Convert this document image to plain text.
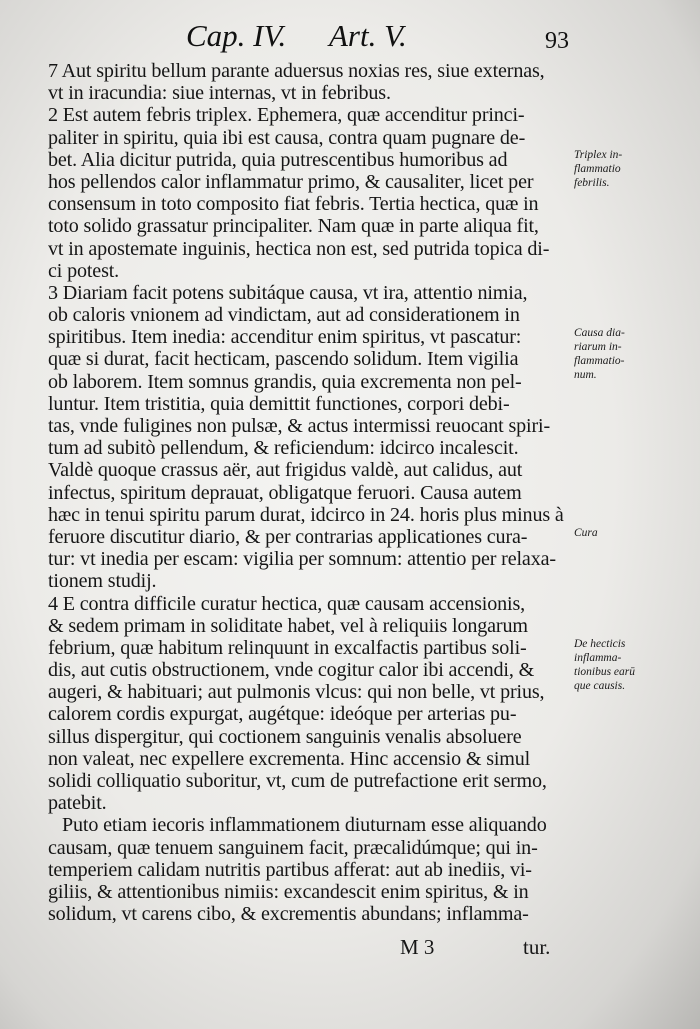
Cap. IV. Art. V.	93
7 Aut spiritu bellum parante aduersus noxias res, siue externas,
vt in iracundia: siue internas, vt in febribus.
2 Est autem febris triplex. Ephemera, quæ accenditur princi-
paliter in spiritu, quia ibi est causa, contra quam pugnare de-
bet. Alia dicitur putrida, quia putrescentibus humoribus ad
hos pellendos calor inflammatur primo, & causaliter, licet per
consensum in toto composito fiat febris. Tertia hectica, quæ in
toto solido grassatur principaliter. Nam quæ in parte aliqua fit,
vt in apostemate inguinis, hectica non est, sed putrida topica di-
ci potest.
3 Diariam facit potens subitáque causa, vt ira, attentio nimia,
ob caloris vnionem ad vindictam, aut ad considerationem in
spiritibus. Item inedia: accenditur enim spiritus, vt pascatur:
quæ si durat, facit hecticam, pascendo solidum. Item vigilia
ob laborem. Item somnus grandis, quia excrementa non pel-
luntur. Item tristitia, quia demittit functiones, corpori debi-
tas, vnde fuligines non pulsæ, & actus intermissi reuocant spiri-
tum ad subitò pellendum, & reficiendum: idcirco incalescit.
Valdè quoque crassus aër, aut frigidus valdè, aut calidus, aut
infectus, spiritum deprauat, obligatque feruori. Causa autem
hæc in tenui spiritu parum durat, idcirco in 24. horis plus minus à
feruore discutitur diario, & per contrarias applicationes cura-
tur: vt inedia per escam: vigilia per somnum: attentio per relaxa-
tionem studij.
4 E contra difficile curatur hectica, quæ causam accensionis,
& sedem primam in soliditate habet, vel à reliquiis longarum
febrium, quæ habitum relinquunt in excalfactis partibus soli-
dis, aut cutis obstructionem, vnde cogitur calor ibi accendi, &
augeri, & habituari; aut pulmonis vlcus: qui non belle, vt prius,
calorem cordis expurgat, augétque: ideóque per arterias pu-
sillus dispergitur, qui coctionem sanguinis venalis absoluere
non valeat, nec expellere excrementa. Hinc accensio & simul
solidi colliquatio suboritur, vt, cum de putrefactione erit sermo,
patebit.
Puto etiam iecoris inflammationem diuturnam esse aliquando
causam, quæ tenuem sanguinem facit, præcalidúmque; qui in-
temperiem calidam nutritis partibus afferat: aut ab inediis, vi-
giliis, & attentionibus nimiis: excandescit enim spiritus, & in
solidum, vt carens cibo, & excrementis abundans; inflamma-
Triplex in-
flammatio
febrilis.
Causa dia-
riarum in-
flammatio-
num.
Cura
De hecticis
inflamma-
tionibus earū
que causis.
M 3	tur.
